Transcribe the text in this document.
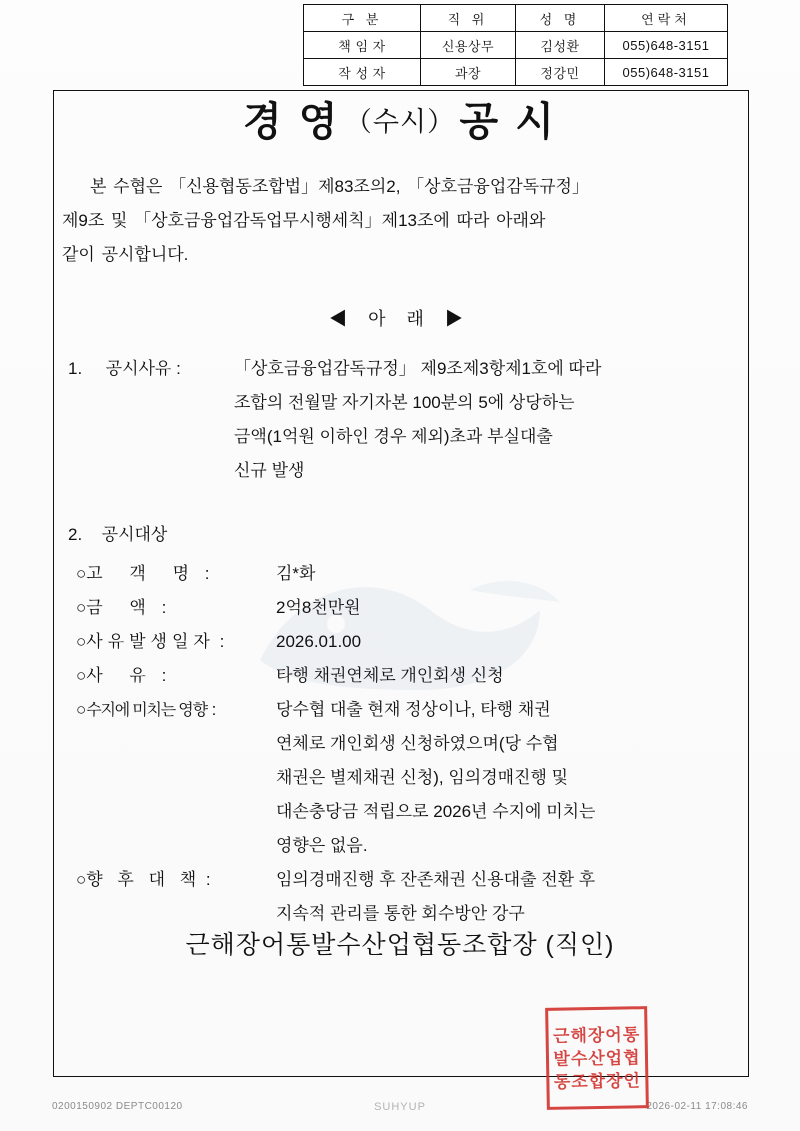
구 분	직 위	성 명	연락처
책 임 자	신용상무	김성환	055)648-3151
작 성 자	과장	정강민	055)648-3151
경 영 （수시） 공 시
본 수협은 「신용협동조합법」제83조의2, 「상호금융업감독규정」
제9조 및 「상호금융업감독업무시행세칙」제13조에 따라 아래와
같이 공시합니다.
◀ 아 래 ▶
1. 공시사유 :	「상호금융업감독규정」 제9조제3항제1호에 따라
조합의 전월말 자기자본 100분의 5에 상당하는
금액(1억원 이하인 경우 제외)초과 부실대출
신규 발생
2. 공시대상
○고 객 명 :	김*화
○금 액 :	2억8천만원
○사유발생일자 :	2026.01.00
○사 유 :	타행 채권연체로 개인회생 신청
○수지에 미치는 영향 :	당수협 대출 현재 정상이나, 타행 채권
연체로 개인회생 신청하였으며(당 수협
채권은 별제채권 신청), 임의경매진행 및
대손충당금 적립으로 2026년 수지에 미치는
영향은 없음.
○향 후 대 책 :	임의경매진행 후 잔존채권 신용대출 전환 후
지속적 관리를 통한 회수방안 강구
근해장어통발수산업협동조합장 (직인)
근해장어통발수산업협동조합장인
0200150902 DEPTC00120	SUHYUP	2026-02-11 17:08:46
